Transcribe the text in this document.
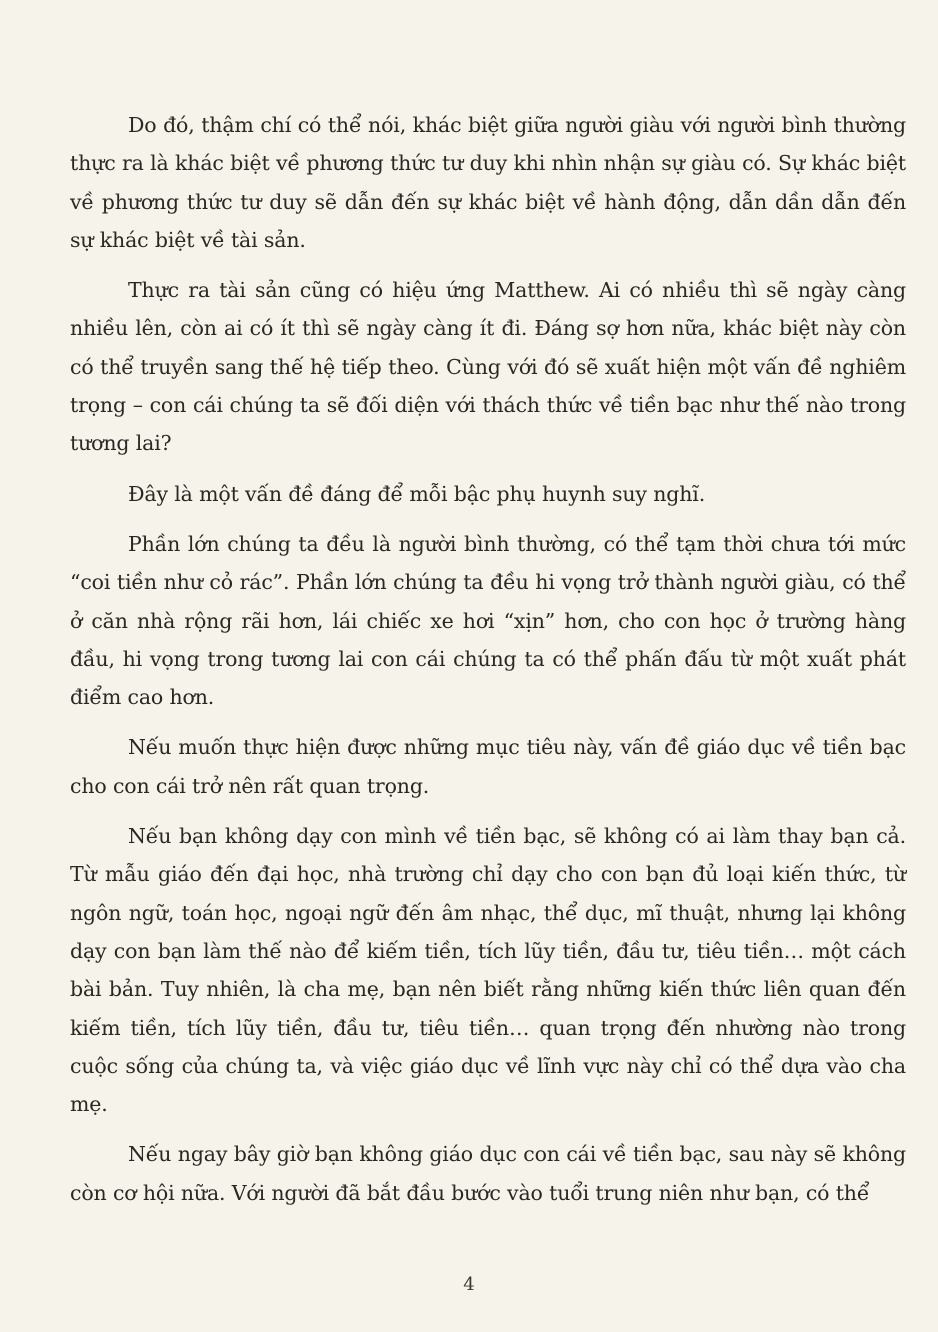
Do đó, thậm chí có thể nói, khác biệt giữa người giàu với người bình thường thực ra là khác biệt về phương thức tư duy khi nhìn nhận sự giàu có. Sự khác biệt về phương thức tư duy sẽ dẫn đến sự khác biệt về hành động, dẫn dần dẫn đến sự khác biệt về tài sản.

Thực ra tài sản cũng có hiệu ứng Matthew. Ai có nhiều thì sẽ ngày càng nhiều lên, còn ai có ít thì sẽ ngày càng ít đi. Đáng sợ hơn nữa, khác biệt này còn có thể truyền sang thế hệ tiếp theo. Cùng với đó sẽ xuất hiện một vấn đề nghiêm trọng – con cái chúng ta sẽ đối diện với thách thức về tiền bạc như thế nào trong tương lai?

Đây là một vấn đề đáng để mỗi bậc phụ huynh suy nghĩ.

Phần lớn chúng ta đều là người bình thường, có thể tạm thời chưa tới mức “coi tiền như cỏ rác”. Phần lớn chúng ta đều hi vọng trở thành người giàu, có thể ở căn nhà rộng rãi hơn, lái chiếc xe hơi “xịn” hơn, cho con học ở trường hàng đầu, hi vọng trong tương lai con cái chúng ta có thể phấn đấu từ một xuất phát điểm cao hơn.

Nếu muốn thực hiện được những mục tiêu này, vấn đề giáo dục về tiền bạc cho con cái trở nên rất quan trọng.

Nếu bạn không dạy con mình về tiền bạc, sẽ không có ai làm thay bạn cả. Từ mẫu giáo đến đại học, nhà trường chỉ dạy cho con bạn đủ loại kiến thức, từ ngôn ngữ, toán học, ngoại ngữ đến âm nhạc, thể dục, mĩ thuật, nhưng lại không dạy con bạn làm thế nào để kiếm tiền, tích lũy tiền, đầu tư, tiêu tiền… một cách bài bản. Tuy nhiên, là cha mẹ, bạn nên biết rằng những kiến thức liên quan đến kiếm tiền, tích lũy tiền, đầu tư, tiêu tiền… quan trọng đến nhường nào trong cuộc sống của chúng ta, và việc giáo dục về lĩnh vực này chỉ có thể dựa vào cha mẹ.

Nếu ngay bây giờ bạn không giáo dục con cái về tiền bạc, sau này sẽ không còn cơ hội nữa. Với người đã bắt đầu bước vào tuổi trung niên như bạn, có thể

4
